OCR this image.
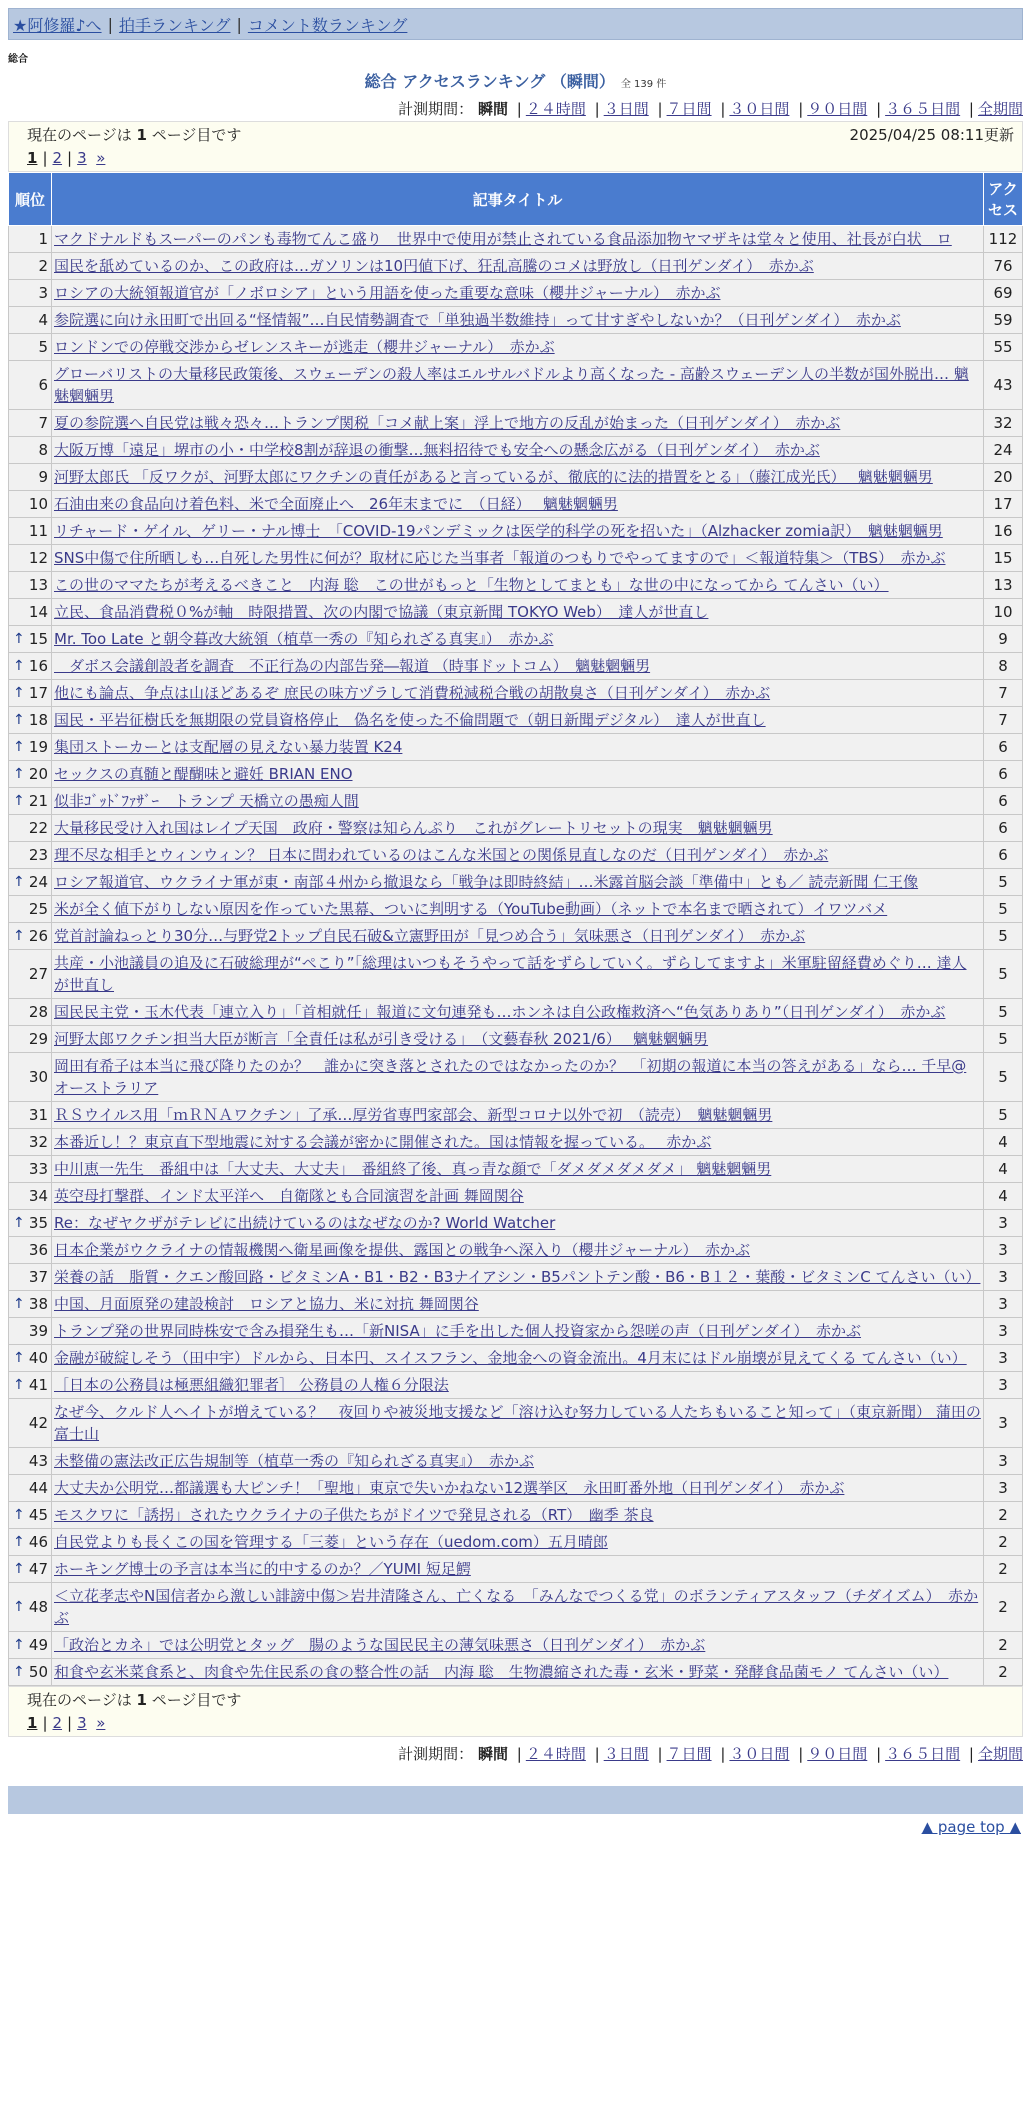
★阿修羅♪へ | 拍手ランキング | コメント数ランキング
総合
総合 アクセスランキング （瞬間） 全 139 件
計測期間： 瞬間 | ２４時間 | ３日間 | ７日間 | ３０日間 | ９０日間 | ３６５日間 | 全期間
現在のページは 1 ページ目です	2025/04/25 08:11更新
1 | 2 | 3 »
順位	記事タイトル	アクセス
1	マクドナルドもスーパーのパンも毒物てんこ盛り　世界中で使用が禁止されている食品添加物ヤマザキは堂々と使用、社長が白状　ロ	112
2	国民を舐めているのか、この政府は…ガソリンは10円値下げ、狂乱高騰のコメは野放し（日刊ゲンダイ）　赤かぶ	76
3	ロシアの大統領報道官が「ノボロシア」という用語を使った重要な意味（櫻井ジャーナル）　赤かぶ	69
4	参院選に向け永田町で出回る“怪情報”…自民情勢調査で「単独過半数維持」って甘すぎやしないか？（日刊ゲンダイ）　赤かぶ	59
5	ロンドンでの停戦交渉からゼレンスキーが逃走（櫻井ジャーナル）　赤かぶ	55
6	グローバリストの大量移民政策後、スウェーデンの殺人率はエルサルバドルより高くなった - 高齢スウェーデン人の半数が国外脱出… 魑魅魍魎男	43
7	夏の参院選へ自民党は戦々恐々…トランプ関税「コメ献上案」浮上で地方の反乱が始まった（日刊ゲンダイ）　赤かぶ	32
8	大阪万博「遠足」堺市の小・中学校8割が辞退の衝撃…無料招待でも安全への懸念広がる（日刊ゲンダイ）　赤かぶ	24
9	河野太郎氏 「反ワクが、河野太郎にワクチンの責任があると言っているが、徹底的に法的措置をとる」（藤江成光氏）　 魑魅魍魎男	20
10	石油由来の食品向け着色料、米で全面廃止へ　26年末までに　（日経）　 魑魅魍魎男	17
11	リチャード・ゲイル、ゲリー・ナル博士　「COVID-19パンデミックは医学的科学の死を招いた」（Alzhacker zomia訳）　魑魅魍魎男	16
12	SNS中傷で住所晒しも…自死した男性に何が？取材に応じた当事者「報道のつもりでやってますので」＜報道特集＞（TBS）　赤かぶ	15
13	この世のママたちが考えるべきこと　内海 聡　この世がもっと「生物としてまとも」な世の中になってから てんさい（い）	13
14	立民、食品消費税０%が軸　時限措置、次の内閣で協議（東京新聞 TOKYO Web）　達人が世直し	10

↑ 15	Mr. Too Late と朝令暮改大統領（植草一秀の『知られざる真実』）　赤かぶ	9

↑ 16	　ダボス会議創設者を調査　不正行為の内部告発―報道 （時事ドットコム）　魑魅魍魎男	8

↑ 17	他にも論点、争点は山ほどあるぞ 庶民の味方ヅラして消費税減税合戦の胡散臭さ（日刊ゲンダイ）　赤かぶ	7

↑ 18	国民・平岩征樹氏を無期限の党員資格停止　偽名を使った不倫問題で（朝日新聞デジタル）　達人が世直し	7

↑ 19	集団ストーカーとは支配層の見えない暴力装置 K24	6

↑ 20	セックスの真髄と醍醐味と避妊 BRIAN ENO	6

↑ 21	似非ｺﾞｯﾄﾞﾌｧｻﾞｰ　トランプ 天橋立の愚痴人間	6
22	大量移民受け入れ国はレイプ天国　政府・警察は知らんぷり　これがグレートリセットの現実　魑魅魍魎男	6
23	理不尽な相手とウィンウィン？ 日本に問われているのはこんな米国との関係見直しなのだ（日刊ゲンダイ）　赤かぶ	6

↑ 24	ロシア報道官、ウクライナ軍が東・南部４州から撤退なら「戦争は即時終結」…米露首脳会談「準備中」とも／ 読売新聞 仁王像	5
25	米が全く値下がりしない原因を作っていた黒幕、ついに判明する（YouTube動画）（ネットで本名まで晒されて）イワツバメ	5

↑ 26	党首討論ねっとり30分…与野党2トップ自民石破&立憲野田が「見つめ合う」気味悪さ（日刊ゲンダイ）　赤かぶ	5
27	共産・小池議員の追及に石破総理が“ぺこり”「総理はいつもそうやって話をずらしていく。ずらしてますよ」米軍駐留経費めぐり… 達人が世直し	5
28	国民民主党・玉木代表「連立入り」「首相就任」報道に文句連発も…ホンネは自公政権救済へ“色気ありあり”（日刊ゲンダイ）　赤かぶ	5
29	河野太郎ワクチン担当大臣が断言「全責任は私が引き受ける」　（文藝春秋 2021/6）　 魑魅魍魎男	5
30	岡田有希子は本当に飛び降りたのか？　誰かに突き落とされたのではなかったのか？　「初期の報道に本当の答えがある」なら… 千早@オーストラリア	5
31	ＲＳウイルス用「ｍＲＮＡワクチン」了承…厚労省専門家部会、新型コロナ以外で初　（読売）　魑魅魍魎男	5
32	本番近し！？東京直下型地震に対する会議が密かに開催された。国は情報を握っている。　 赤かぶ	4
33	中川恵一先生　番組中は「大丈夫、大丈夫」　番組終了後、真っ青な顔で「ダメダメダメダメ」 魑魅魍魎男	4
34	英空母打撃群、インド太平洋へ　自衛隊とも合同演習を計画 舞岡関谷	4

↑ 35	Re：なぜヤクザがテレビに出続けているのはなぜなのか? World Watcher	3
36	日本企業がウクライナの情報機関へ衛星画像を提供、露国との戦争へ深入り（櫻井ジャーナル）　赤かぶ	3
37	栄養の話　脂質・クエン酸回路・ビタミンA・B1・B2・B3ナイアシン・B5パントテン酸・B6・B１２・葉酸・ビタミンC てんさい（い）	3

↑ 38	中国、月面原発の建設検討　ロシアと協力、米に対抗 舞岡関谷	3
39	トランプ発の世界同時株安で含み損発生も…「新NISA」に手を出した個人投資家から怨嗟の声（日刊ゲンダイ）　赤かぶ	3

↑ 40	金融が破綻しそう（田中宇）ドルから、日本円、スイスフラン、金地金への資金流出。4月末にはドル崩壊が見えてくる てんさい（い）	3

↑ 41	［日本の公務員は極悪組織犯罪者］ 公務員の人権６分限法	3
42	なぜ今、クルド人ヘイトが増えている？　夜回りや被災地支援など「溶け込む努力している人たちもいること知って」（東京新聞） 蒲田の富士山	3
43	未整備の憲法改正広告規制等（植草一秀の『知られざる真実』）　赤かぶ	3
44	大丈夫か公明党…都議選も大ピンチ！「聖地」東京で失いかねない12選挙区　永田町番外地（日刊ゲンダイ）　赤かぶ	3

↑ 45	モスクワに「誘拐」されたウクライナの子供たちがドイツで発見される（RT）　幽季 茶良	2

↑ 46	自民党よりも長くこの国を管理する「三菱」という存在（uedom.com）五月晴郎	2

↑ 47	ホーキング博士の予言は本当に的中するのか？／YUMI 短足鰐	2

↑ 48	＜立花孝志やN国信者から激しい誹謗中傷＞岩井清隆さん、亡くなる　「みんなでつくる党」のボランティアスタッフ（チダイズム）　赤かぶ	2

↑ 49	「政治とカネ」では公明党とタッグ　腸のような国民民主の薄気味悪さ（日刊ゲンダイ）　赤かぶ	2

↑ 50	和食や玄米菜食系と、肉食や先住民系の食の整合性の話　内海 聡　生物濃縮された毒・玄米・野菜・発酵食品菌モノ てんさい（い）	2
現在のページは 1 ページ目です
1 | 2 | 3 »
計測期間： 瞬間 | ２４時間 | ３日間 | ７日間 | ３０日間 | ９０日間 | ３６５日間 | 全期間
▲ page top ▲
